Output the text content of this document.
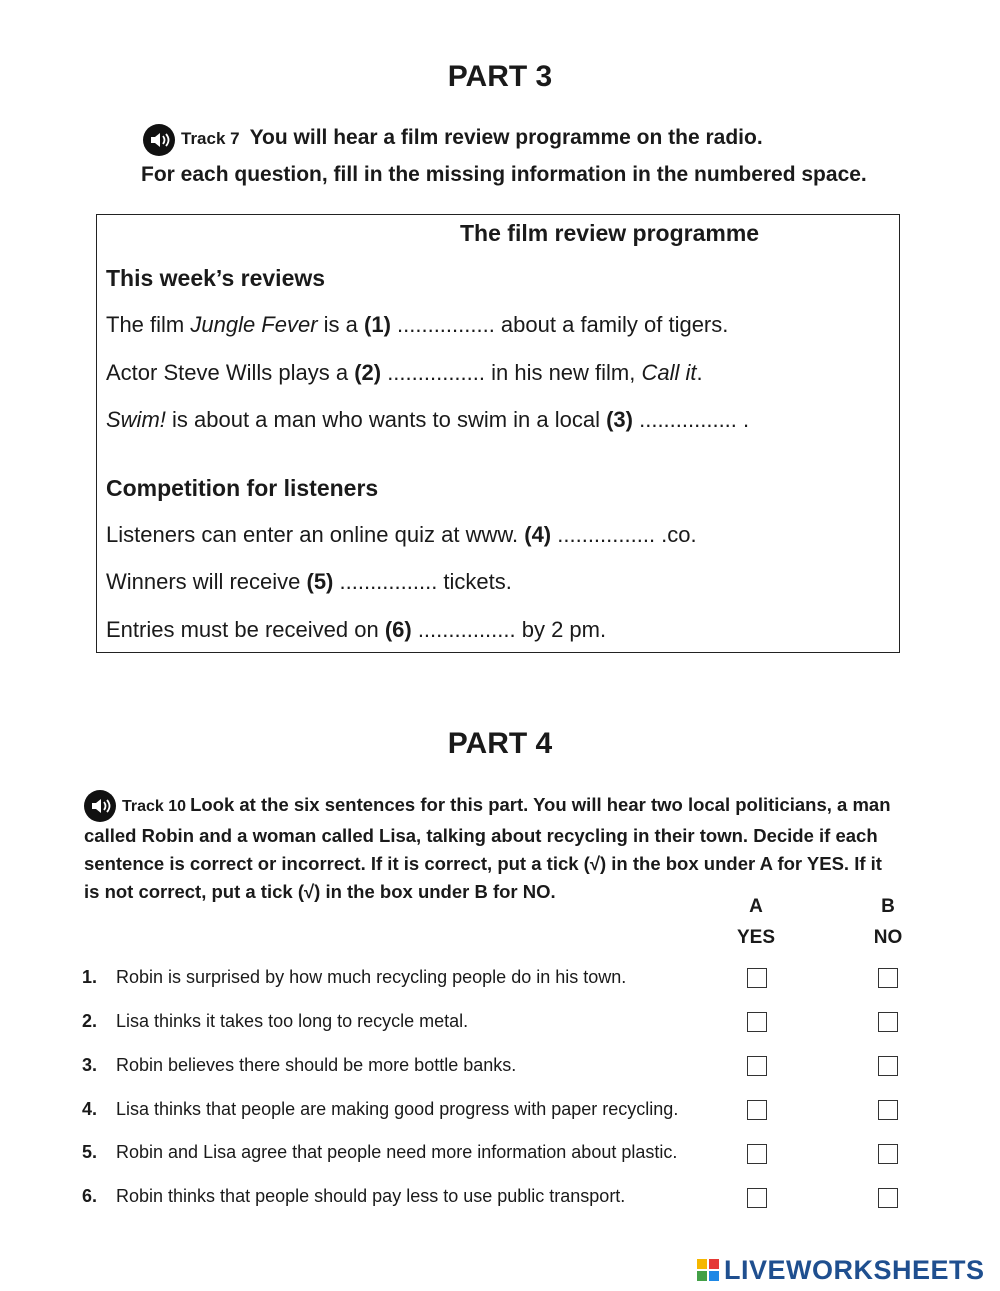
PART 3
Track 7 You will hear a film review programme on the radio.
For each question, fill in the missing information in the numbered space.
The film review programme
This week’s reviews
The film Jungle Fever is a (1) ................ about a family of tigers.
Actor Steve Wills plays a (2) ................ in his new film, Call it.
Swim! is about a man who wants to swim in a local (3) ................ .
Competition for listeners
Listeners can enter an online quiz at www. (4) ................ .co.
Winners will receive (5) ................ tickets.
Entries must be received on (6) ................ by 2 pm.
PART 4
Track 10 Look at the six sentences for this part. You will hear two local politicians, a man
called Robin and a woman called Lisa, talking about recycling in their town. Decide if each
sentence is correct or incorrect. If it is correct, put a tick (√) in the box under A for YES. If it
is not correct, put a tick (√) in the box under B for NO.
A
YES
B
NO
1. Robin is surprised by how much recycling people do in his town.
2. Lisa thinks it takes too long to recycle metal.
3. Robin believes there should be more bottle banks.
4. Lisa thinks that people are making good progress with paper recycling.
5. Robin and Lisa agree that people need more information about plastic.
6. Robin thinks that people should pay less to use public transport.
LIVEWORKSHEETS
